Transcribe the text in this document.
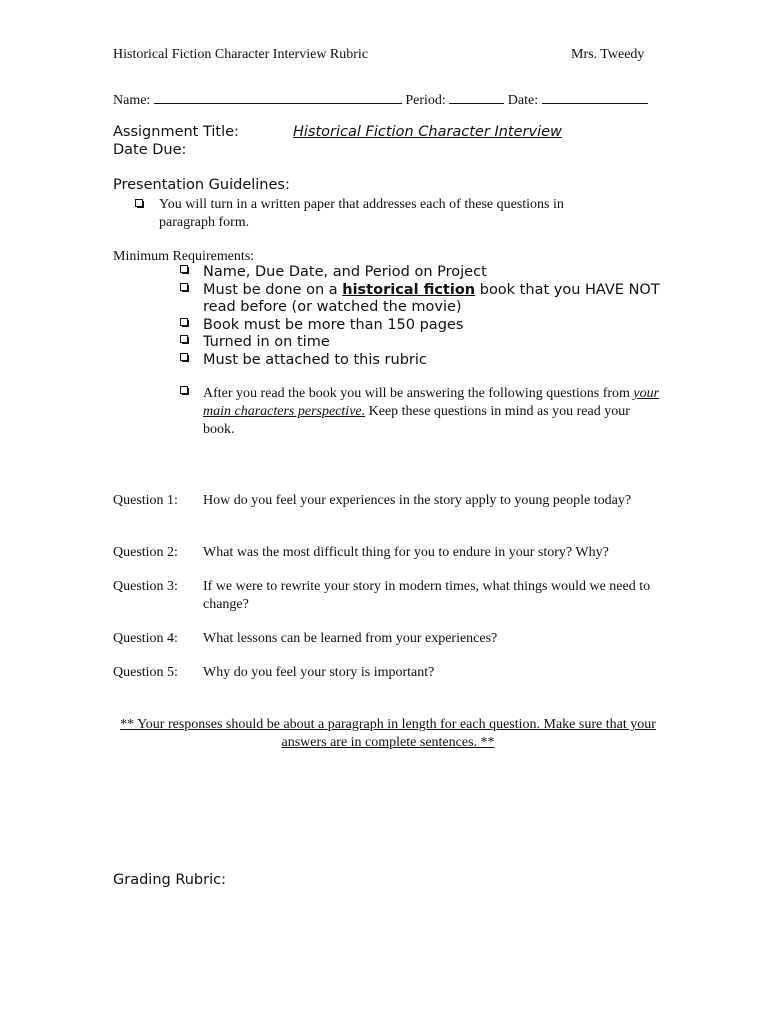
Historical Fiction Character Interview Rubric	Mrs. Tweedy
Name:	Period:	Date:
Assignment Title:	Historical Fiction Character Interview
Date Due:
Presentation Guidelines:
You will turn in a written paper that addresses each of these questions in paragraph form.
Minimum Requirements:
Name, Due Date, and Period on Project
Must be done on a historical fiction book that you HAVE NOT read before (or watched the movie)
Book must be more than 150 pages
Turned in on time
Must be attached to this rubric
After you read the book you will be answering the following questions from your main characters perspective. Keep these questions in mind as you read your book.
Question 1: How do you feel your experiences in the story apply to young people today?
Question 2: What was the most difficult thing for you to endure in your story? Why?
Question 3: If we were to rewrite your story in modern times, what things would we need to change?
Question 4: What lessons can be learned from your experiences?
Question 5: Why do you feel your story is important?
** Your responses should be about a paragraph in length for each question. Make sure that your answers are in complete sentences. **
Grading Rubric:
